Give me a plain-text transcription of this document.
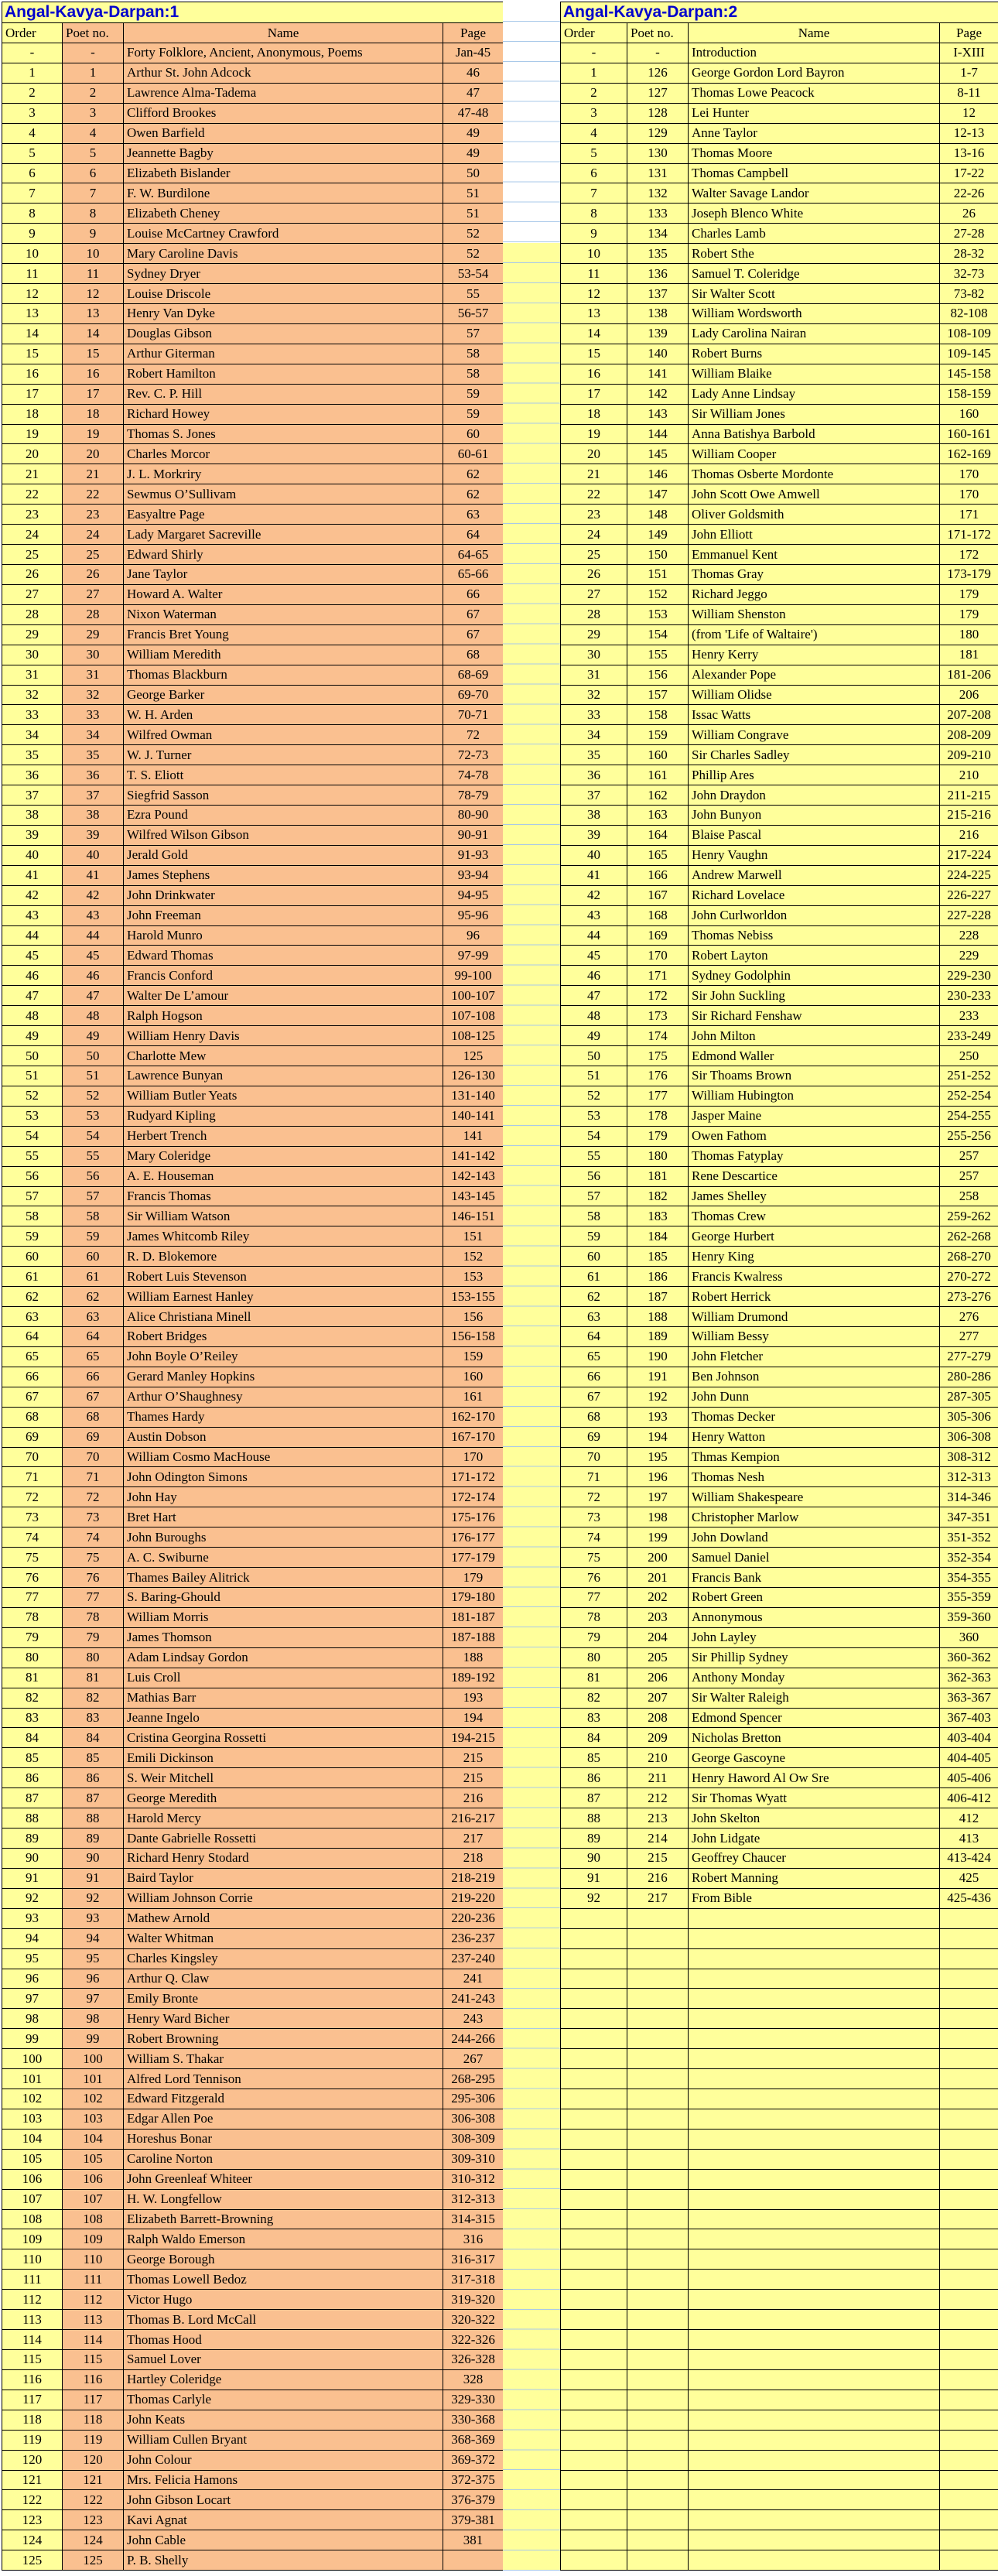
Angal-Kavya-Darpan:1			
Order	Poet no.	Name	Page
-	-	Forty Folklore, Ancient, Anonymous, Poems	Jan-45
1	1	Arthur St. John Adcock	46
2	2	Lawrence Alma-Tadema	47
3	3	Clifford Brookes	47-48
4	4	Owen Barfield	49
5	5	Jeannette Bagby	49
6	6	Elizabeth Bislander	50
7	7	F. W. Burdilone	51
8	8	Elizabeth Cheney	51
9	9	Louise McCartney Crawford	52
10	10	Mary Caroline Davis	52
11	11	Sydney Dryer	53-54
12	12	Louise Driscole	55
13	13	Henry Van Dyke	56-57
14	14	Douglas Gibson	57
15	15	Arthur Giterman	58
16	16	Robert Hamilton	58
17	17	Rev. C. P. Hill	59
18	18	Richard Howey	59
19	19	Thomas S. Jones	60
20	20	Charles Morcor	60-61
21	21	J. L. Morkriry	62
22	22	Sewmus O’Sullivam	62
23	23	Easyaltre Page	63
24	24	Lady Margaret Sacreville	64
25	25	Edward Shirly	64-65
26	26	Jane Taylor	65-66
27	27	Howard A. Walter	66
28	28	Nixon Waterman	67
29	29	Francis Bret Young	67
30	30	William Meredith	68
31	31	Thomas Blackburn	68-69
32	32	George Barker	69-70
33	33	W. H. Arden	70-71
34	34	Wilfred Owman	72
35	35	W. J. Turner	72-73
36	36	T. S. Eliott	74-78
37	37	Siegfrid Sasson	78-79
38	38	Ezra Pound	80-90
39	39	Wilfred Wilson Gibson	90-91
40	40	Jerald Gold	91-93
41	41	James Stephens	93-94
42	42	John Drinkwater	94-95
43	43	John Freeman	95-96
44	44	Harold Munro	96
45	45	Edward Thomas	97-99
46	46	Francis Conford	99-100
47	47	Walter De L’amour	100-107
48	48	Ralph Hogson	107-108
49	49	William Henry Davis	108-125
50	50	Charlotte Mew	125
51	51	Lawrence Bunyan	126-130
52	52	William Butler Yeats	131-140
53	53	Rudyard Kipling	140-141
54	54	Herbert Trench	141
55	55	Mary Coleridge	141-142
56	56	A. E. Houseman	142-143
57	57	Francis Thomas	143-145
58	58	Sir William Watson	146-151
59	59	James Whitcomb Riley	151
60	60	R. D. Blokemore	152
61	61	Robert Luis Stevenson	153
62	62	William Earnest Hanley	153-155
63	63	Alice Christiana Minell	156
64	64	Robert Bridges	156-158
65	65	John Boyle O’Reiley	159
66	66	Gerard Manley Hopkins	160
67	67	Arthur O’Shaughnesy	161
68	68	Thames Hardy	162-170
69	69	Austin Dobson	167-170
70	70	William Cosmo MacHouse	170
71	71	John Odington Simons	171-172
72	72	John Hay	172-174
73	73	Bret Hart	175-176
74	74	John Buroughs	176-177
75	75	A. C. Swiburne	177-179
76	76	Thames Bailey Alitrick	179
77	77	S. Baring-Ghould	179-180
78	78	William Morris	181-187
79	79	James Thomson	187-188
80	80	Adam Lindsay Gordon	188
81	81	Luis Croll	189-192
82	82	Mathias Barr	193
83	83	Jeanne Ingelo	194
84	84	Cristina Georgina Rossetti	194-215
85	85	Emili Dickinson	215
86	86	S. Weir Mitchell	215
87	87	George Meredith	216
88	88	Harold Mercy	216-217
89	89	Dante Gabrielle Rossetti	217
90	90	Richard Henry Stodard	218
91	91	Baird Taylor	218-219
92	92	William Johnson Corrie	219-220
93	93	Mathew Arnold	220-236
94	94	Walter Whitman	236-237
95	95	Charles Kingsley	237-240
96	96	Arthur Q. Claw	241
97	97	Emily Bronte	241-243
98	98	Henry Ward Bicher	243
99	99	Robert Browning	244-266
100	100	William S. Thakar	267
101	101	Alfred Lord Tennison	268-295
102	102	Edward Fitzgerald	295-306
103	103	Edgar Allen Poe	306-308
104	104	Horeshus Bonar	308-309
105	105	Caroline Norton	309-310
106	106	John Greenleaf Whiteer	310-312
107	107	H. W. Longfellow	312-313
108	108	Elizabeth Barrett-Browning	314-315
109	109	Ralph Waldo Emerson	316
110	110	George Borough	316-317
111	111	Thomas Lowell Bedoz	317-318
112	112	Victor Hugo	319-320
113	113	Thomas B. Lord McCall	320-322
114	114	Thomas Hood	322-326
115	115	Samuel Lover	326-328
116	116	Hartley Coleridge	328
117	117	Thomas Carlyle	329-330
118	118	John Keats	330-368
119	119	William Cullen Bryant	368-369
120	120	John Colour	369-372
121	121	Mrs. Felicia Hamons	372-375
122	122	John Gibson Locart	376-379
123	123	Kavi Agnat	379-381
124	124	John Cable	381
125	125	P. B. Shelly	
Angal-Kavya-Darpan:2			
Order	Poet no.	Name	Page
-	-	Introduction	I-XIII
1	126	George Gordon Lord Bayron	1-7
2	127	Thomas Lowe Peacock	8-11
3	128	Lei Hunter	12
4	129	Anne Taylor	12-13
5	130	Thomas Moore	13-16
6	131	Thomas Campbell	17-22
7	132	Walter Savage Landor	22-26
8	133	Joseph Blenco White	26
9	134	Charles Lamb	27-28
10	135	Robert Sthe	28-32
11	136	Samuel T. Coleridge	32-73
12	137	Sir Walter Scott	73-82
13	138	William Wordsworth	82-108
14	139	Lady Carolina Nairan	108-109
15	140	Robert Burns	109-145
16	141	William Blaike	145-158
17	142	Lady Anne Lindsay	158-159
18	143	Sir William Jones	160
19	144	Anna Batishya Barbold	160-161
20	145	William Cooper	162-169
21	146	Thomas Osberte Mordonte	170
22	147	John Scott Owe Amwell	170
23	148	Oliver Goldsmith	171
24	149	John Elliott	171-172
25	150	Emmanuel Kent	172
26	151	Thomas Gray	173-179
27	152	Richard Jeggo	179
28	153	William Shenston	179
29	154	(from 'Life of Waltaire')	180
30	155	Henry Kerry	181
31	156	Alexander Pope	181-206
32	157	William Olidse	206
33	158	Issac Watts	207-208
34	159	William Congrave	208-209
35	160	Sir Charles Sadley	209-210
36	161	Phillip Ares	210
37	162	John Draydon	211-215
38	163	John Bunyon	215-216
39	164	Blaise Pascal	216
40	165	Henry Vaughn	217-224
41	166	Andrew Marwell	224-225
42	167	Richard Lovelace	226-227
43	168	John Curlworldon	227-228
44	169	Thomas Nebiss	228
45	170	Robert Layton	229
46	171	Sydney Godolphin	229-230
47	172	Sir John Suckling	230-233
48	173	Sir Richard Fenshaw	233
49	174	John Milton	233-249
50	175	Edmond Waller	250
51	176	Sir Thoams Brown	251-252
52	177	William Hubington	252-254
53	178	Jasper Maine	254-255
54	179	Owen Fathom	255-256
55	180	Thomas Fatyplay	257
56	181	Rene Descartice	257
57	182	James Shelley	258
58	183	Thomas Crew	259-262
59	184	George Hurbert	262-268
60	185	Henry King	268-270
61	186	Francis Kwalress	270-272
62	187	Robert Herrick	273-276
63	188	William Drumond	276
64	189	William Bessy	277
65	190	John Fletcher	277-279
66	191	Ben Johnson	280-286
67	192	John Dunn	287-305
68	193	Thomas Decker	305-306
69	194	Henry Watton	306-308
70	195	Thmas Kempion	308-312
71	196	Thomas Nesh	312-313
72	197	William Shakespeare	314-346
73	198	Christopher Marlow	347-351
74	199	John Dowland	351-352
75	200	Samuel Daniel	352-354
76	201	Francis Bank	354-355
77	202	Robert Green	355-359
78	203	Annonymous	359-360
79	204	John Layley	360
80	205	Sir Phillip Sydney	360-362
81	206	Anthony Monday	362-363
82	207	Sir Walter Raleigh	363-367
83	208	Edmond Spencer	367-403
84	209	Nicholas Bretton	403-404
85	210	George Gascoyne	404-405
86	211	Henry Haword Al Ow Sre	405-406
87	212	Sir Thomas Wyatt	406-412
88	213	John Skelton	412
89	214	John Lidgate	413
90	215	Geoffrey Chaucer	413-424
91	216	Robert Manning	425
92	217	From Bible	425-436
